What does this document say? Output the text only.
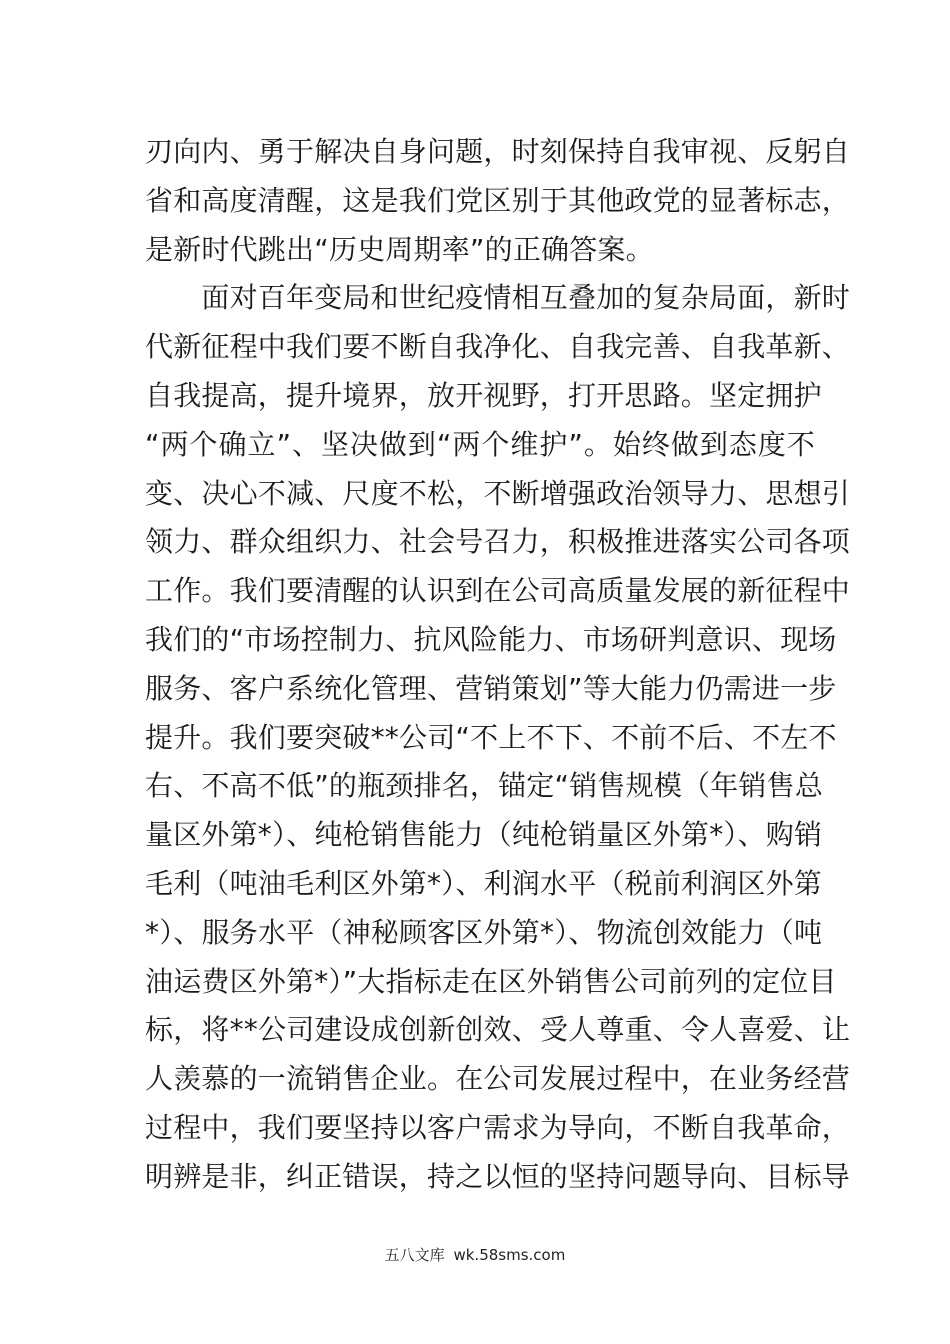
刃向内、勇于解决自身问题，时刻保持自我审视、反躬自
省和高度清醒，这是我们党区别于其他政党的显著标志，
是新时代跳出“历史周期率”的正确答案。
　　面对百年变局和世纪疫情相互叠加的复杂局面，新时
代新征程中我们要不断自我净化、自我完善、自我革新、
自我提高，提升境界，放开视野，打开思路。坚定拥护
“两个确立”、坚决做到“两个维护”。始终做到态度不
变、决心不减、尺度不松，不断增强政治领导力、思想引
领力、群众组织力、社会号召力，积极推进落实公司各项
工作。我们要清醒的认识到在公司高质量发展的新征程中
我们的“市场控制力、抗风险能力、市场研判意识、现场
服务、客户系统化管理、营销策划”等大能力仍需进一步
提升。我们要突破**公司“不上不下、不前不后、不左不
右、不高不低”的瓶颈排名，锚定“销售规模（年销售总
量区外第*）、纯枪销售能力（纯枪销量区外第*）、购销
毛利（吨油毛利区外第*）、利润水平（税前利润区外第
*）、服务水平（神秘顾客区外第*）、物流创效能力（吨
油运费区外第*）”大指标走在区外销售公司前列的定位目
标，将**公司建设成创新创效、受人尊重、令人喜爱、让
人羡慕的一流销售企业。在公司发展过程中，在业务经营
过程中，我们要坚持以客户需求为导向，不断自我革命，
明辨是非，纠正错误，持之以恒的坚持问题导向、目标导
五八文库 wk.58sms.com
